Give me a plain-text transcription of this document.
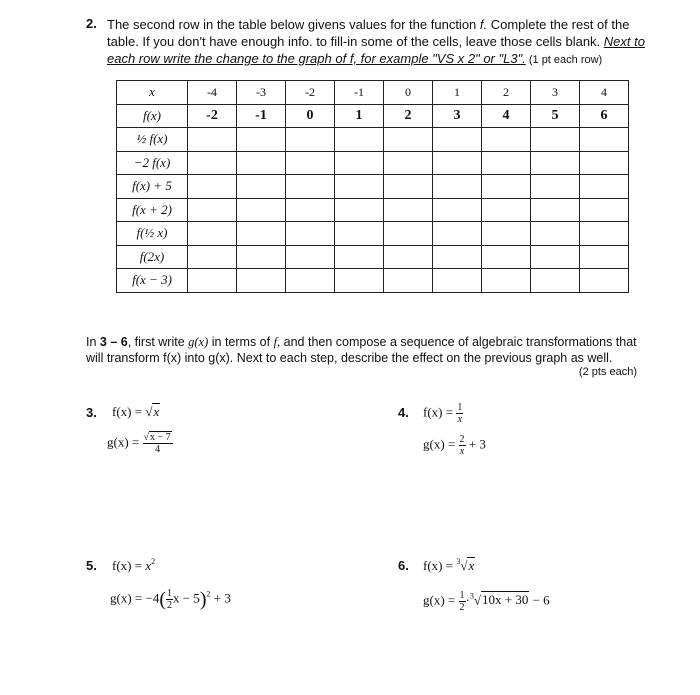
2. The second row in the table below givens values for the function f. Complete the rest of the table. If you don't have enough info. to fill-in some of the cells, leave those cells blank. Next to each row write the change to the graph of f, for example "VS x 2" or "L3". (1 pt each row)
x	-4	-3	-2	-1	0	1	2	3	4
f(x)	-2	-1	0	1	2	3	4	5	6
½ f(x)									
−2 f(x)									
f(x) + 5									
f(x + 2)									
f(½ x)									
f(2x)									
f(x − 3)									
In 3 – 6, first write g(x) in terms of f, and then compose a sequence of algebraic transformations that will transform f(x) into g(x). Next to each step, describe the effect on the previous graph as well.
(2 pts each)
3. f(x) = √x
$g(x) = \frac{√x - 7}{4}$
4. $f(x) = \frac{1}{x}$
$g(x) = \frac{2}{x} + 3$
5. $f(x) = x^2$
$g(x) = -4( \frac{1}{2}$ $x - 5)^2 + 3$
6. f(x) = $^3$√x
$g(x) = \frac{1}{2} \cdot^3√10x + 30 - 6$
